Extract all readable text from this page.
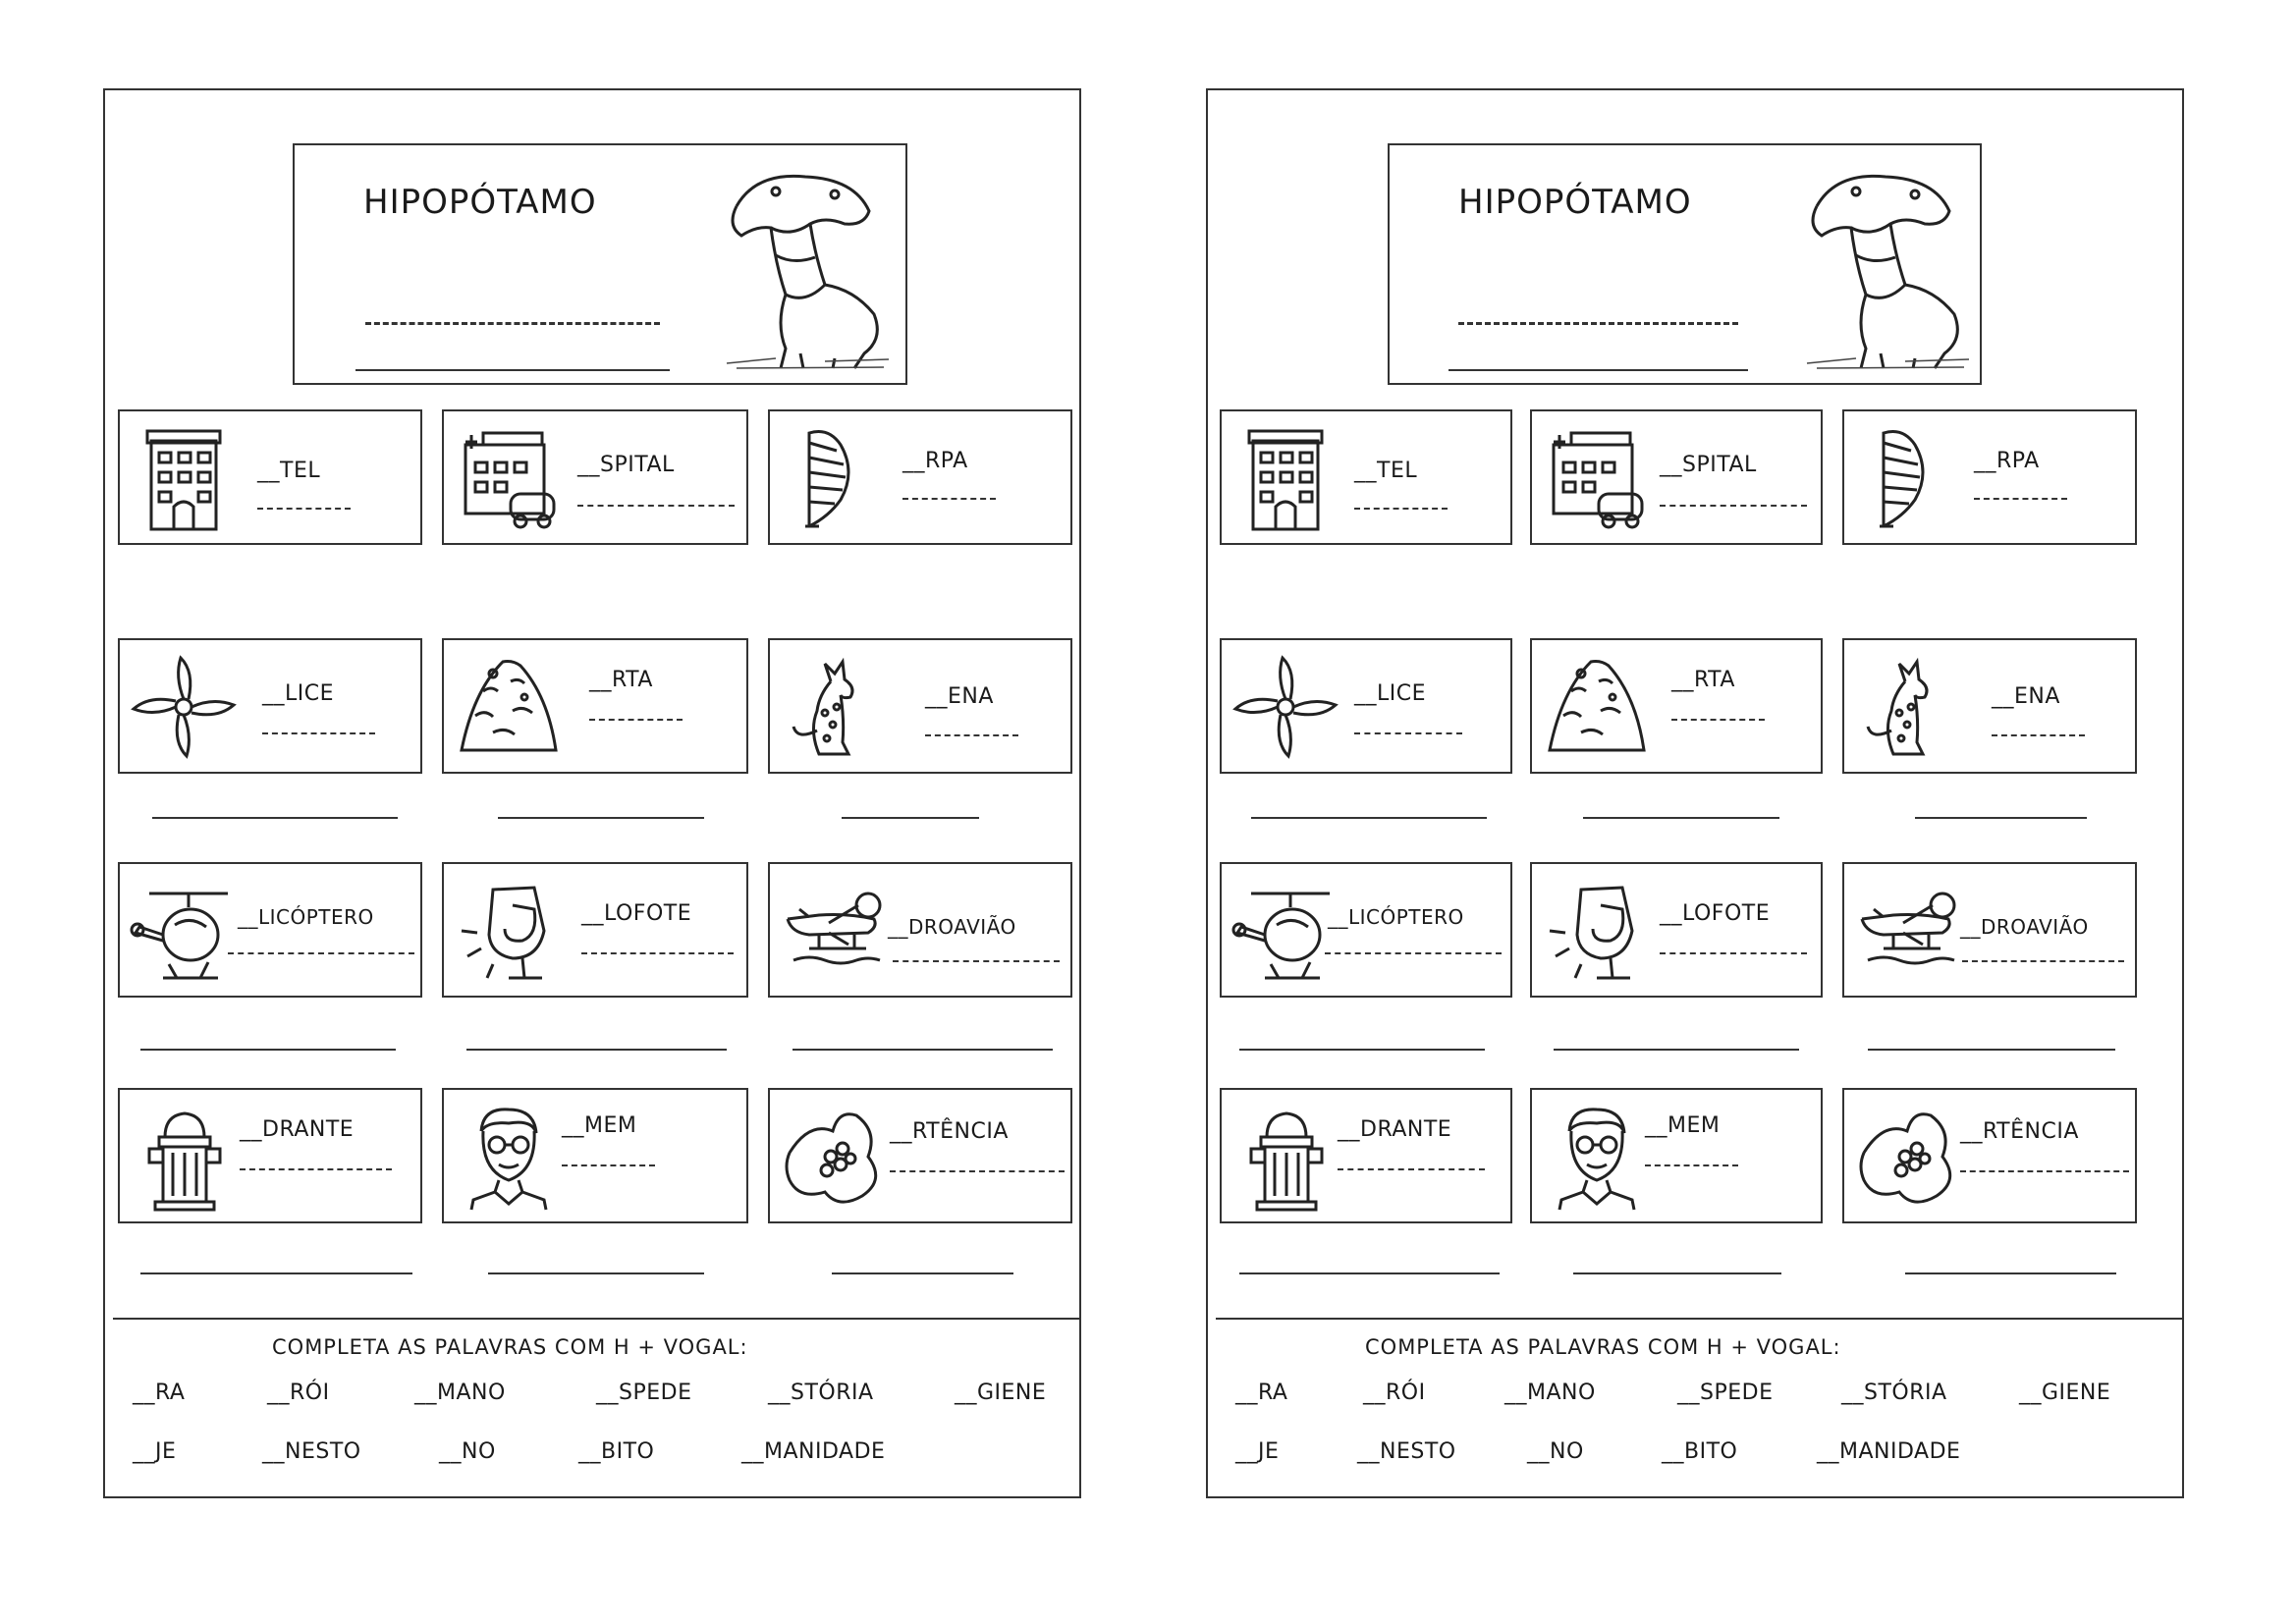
HIPOPÓTAMO
__TEL	__SPITAL	__RPA
__LICE
__RTA
__ENA
__LICÓPTERO	__LOFOTE
__DROAVIÃO
__DRANTE	__MEM	__RTÊNCIA
COMPLETA AS PALAVRAS COM H + VOGAL:
__RA	__RÓI	__MANO	__SPEDE	__STÓRIA	__GIENE
__JE	__NESTO	__NO	__BITO	__MANIDADE
HIPOPÓTAMO
__TEL	__SPITAL	__RPA
__LICE
__RTA
__ENA
__LICÓPTERO	__LOFOTE
__DROAVIÃO
__DRANTE	__MEM	__RTÊNCIA
COMPLETA AS PALAVRAS COM H + VOGAL:
__RA	__RÓI	__MANO	__SPEDE	__STÓRIA	__GIENE
__JE	__NESTO	__NO	__BITO	__MANIDADE
